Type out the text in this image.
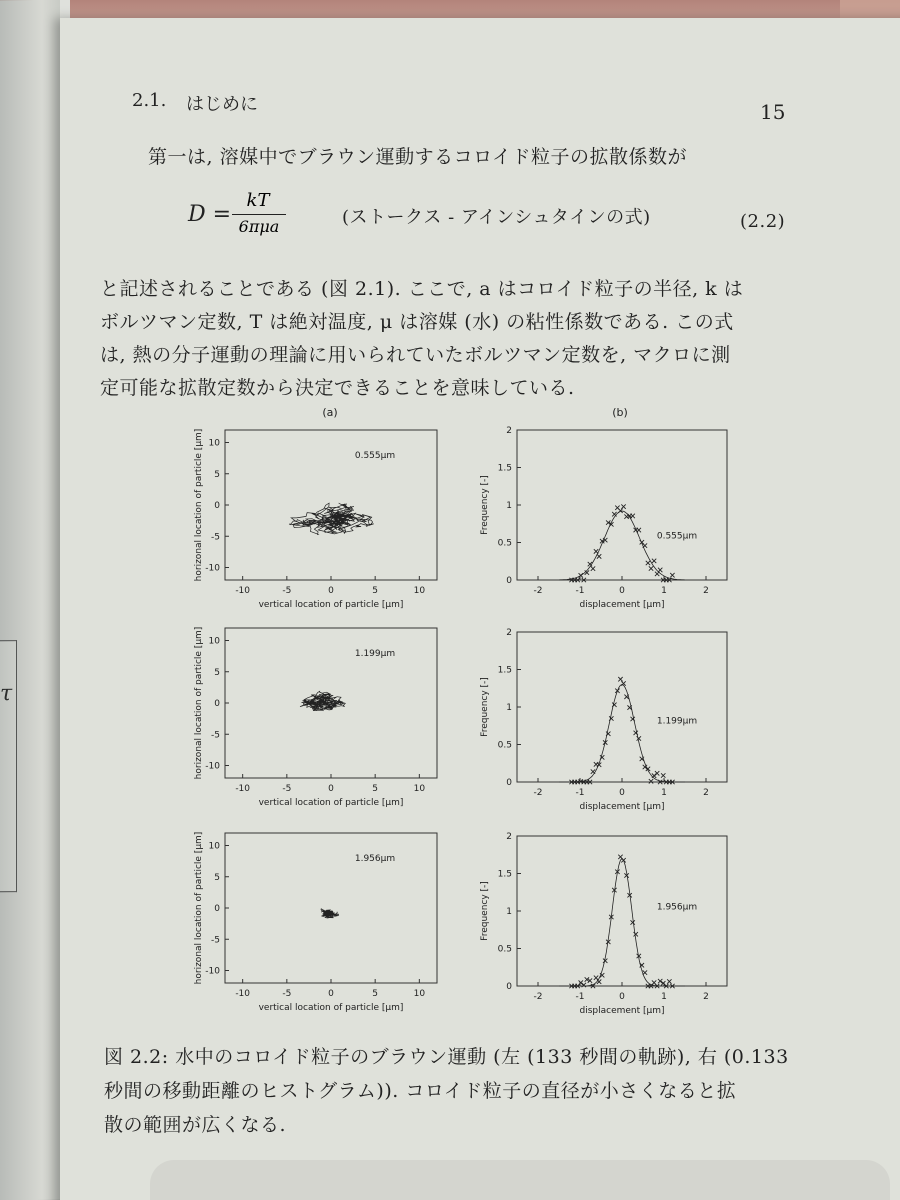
τ
2.1. はじめに	15
第一は, 溶媒中でブラウン運動するコロイド粒子の拡散係数が
D =
kT
6πμa	(ストークス - アインシュタインの式)	(2.2)
と記述されることである (図 2.1). ここで, a はコロイド粒子の半径, k は
ボルツマン定数, T は絶対温度, μ は溶媒 (水) の粘性係数である. この式
は, 熱の分子運動の理論に用いられていたボルツマン定数を, マクロに測
定可能な拡散定数から決定できることを意味している.
(a)	(b)
-10	-5	0	5	10
-10
-5
0
5
10
vertical location of particle [µm]
horizonal location of particle [µm]	0.555µm
-2	-1	0	1	2
0
0.5
1
1.5
2
displacement [µm]
Frequency [-]
0.555µm
-10	-5	0	5	10
-10
-5
0
5
10
vertical location of particle [µm]
horizonal location of particle [µm]	1.199µm
-2	-1	0	1	2
0
0.5
1
1.5
2
displacement [µm]
Frequency [-]	1.199µm
-10	-5	0	5	10
-10
-5
0
5
10
vertical location of particle [µm]
horizonal location of particle [µm]	1.956µm
-2	-1	0	1	2
0
0.5
1
1.5
2
displacement [µm]
Frequency [-]	1.956µm
図 2.2: 水中のコロイド粒子のブラウン運動 (左 (133 秒間の軌跡), 右 (0.133
秒間の移動距離のヒストグラム)). コロイド粒子の直径が小さくなると拡
散の範囲が広くなる.
